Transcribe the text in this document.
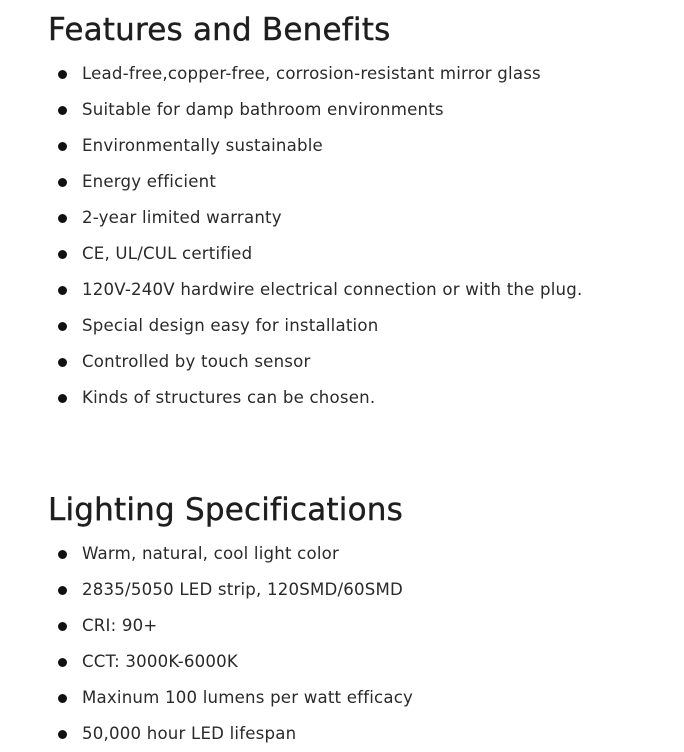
Features and Benefits
Lead-free,copper-free, corrosion-resistant mirror glass
Suitable for damp bathroom environments
Environmentally sustainable
Energy efficient
2-year limited warranty
CE, UL/CUL certified
120V-240V hardwire electrical connection or with the plug.
Special design easy for installation
Controlled by touch sensor
Kinds of structures can be chosen.
Lighting Specifications
Warm, natural, cool light color
2835/5050 LED strip, 120SMD/60SMD
CRI: 90+
CCT: 3000K-6000K
Maxinum 100 lumens per watt efficacy
50,000 hour LED lifespan
